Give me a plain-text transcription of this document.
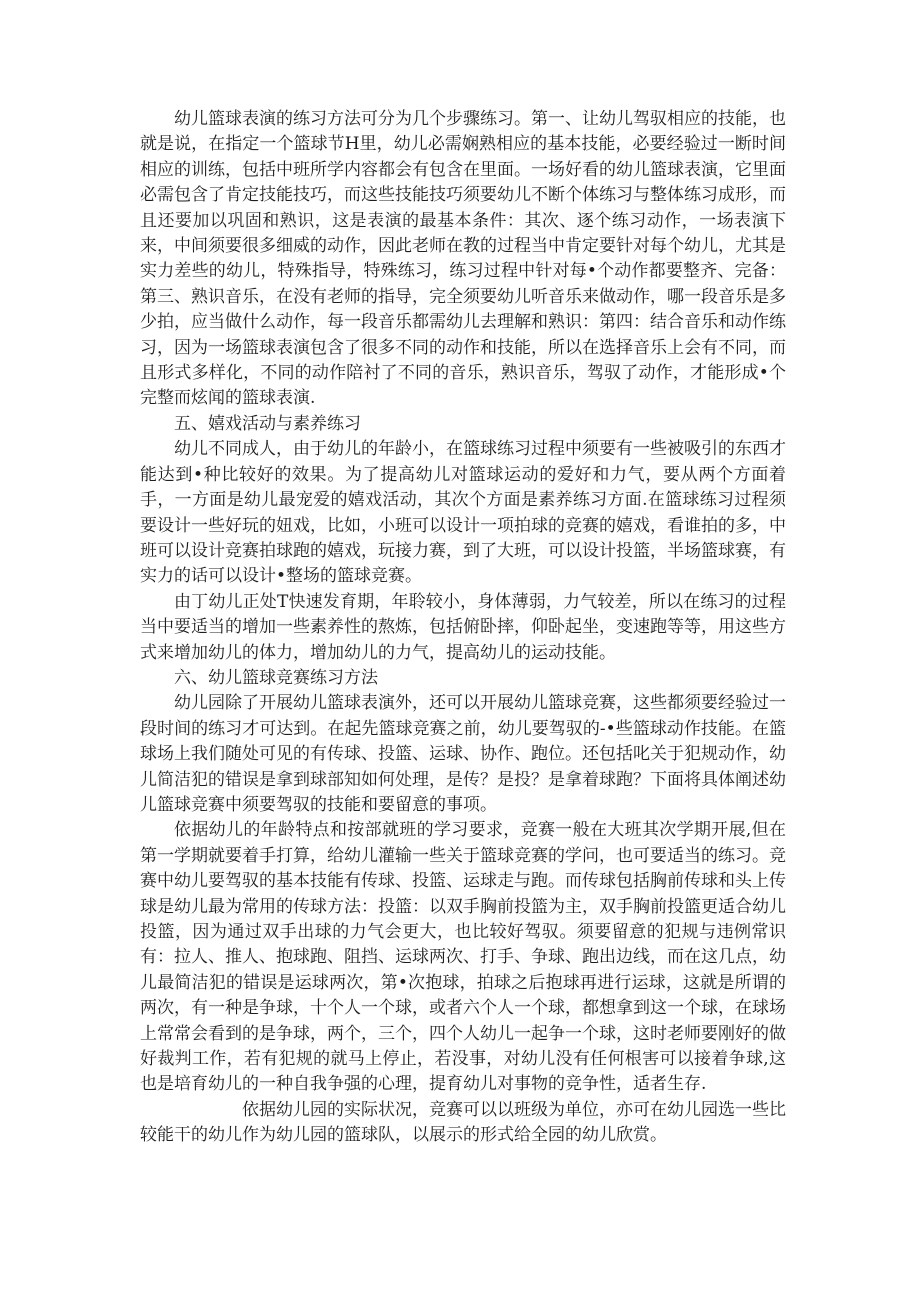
幼儿篮球表演的练习方法可分为几个步骤练习。第一、让幼儿驾驭相应的技能，也就是说，在指定一个篮球节H里，幼儿必需娴熟相应的基本技能，必要经验过一断时间相应的训练，包括中班所学内容都会有包含在里面。一场好看的幼儿篮球表演，它里面必需包含了肯定技能技巧，而这些技能技巧须要幼儿不断个体练习与整体练习成形，而且还要加以巩固和熟识，这是表演的最基本条件：其次、逐个练习动作，一场表演下来，中间须要很多细威的动作，因此老师在教的过程当中肯定要针对每个幼儿，尤其是实力差些的幼儿，特殊指导，特殊练习，练习过程中针对每•个动作都要整齐、完备：第三、熟识音乐，在没有老师的指导，完全须要幼儿听音乐来做动作，哪一段音乐是多少拍，应当做什么动作，每一段音乐都需幼儿去理解和熟识：第四：结合音乐和动作练习，因为一场篮球表演包含了很多不同的动作和技能，所以在选择音乐上会有不同，而且形式多样化，不同的动作陪衬了不同的音乐，熟识音乐，驾驭了动作，才能形成•个完整而炫闻的篮球表演.

五、嬉戏活动与素养练习

幼儿不同成人，由于幼儿的年龄小，在篮球练习过程中须要有一些被吸引的东西才能达到•种比较好的效果。为了提高幼儿对篮球运动的爱好和力气，要从两个方面着手，一方面是幼儿最宠爱的嬉戏活动，其次个方面是素养练习方面.在篮球练习过程须要设计一些好玩的妞戏，比如，小班可以设计一项拍球的竞赛的嬉戏，看谁拍的多，中班可以设计竞赛拍球跑的嬉戏，玩接力赛，到了大班，可以设计投篮，半场篮球赛，有实力的话可以设计•整场的篮球竞赛。

由丁幼儿正处T快速发育期，年聆较小，身体薄弱，力气较差，所以在练习的过程当中要适当的增加一些素养性的熬炼，包括俯卧摔，仰卧起坐，变速跑等等，用这些方式来增加幼儿的体力，增加幼儿的力气，提高幼儿的运动技能。

六、幼儿篮球竞赛练习方法

幼儿园除了开展幼儿篮球表演外，还可以开展幼儿篮球竞赛，这些都须要经验过一段时间的练习才可达到。在起先篮球竞赛之前，幼儿要驾驭的-•些篮球动作技能。在篮球场上我们随处可见的有传球、投篮、运球、协作、跑位。还包括叱关于犯规动作，幼儿简洁犯的错误是拿到球部知如何处理，是传？是投？是拿着球跑？下面将具体阐述幼儿篮球竞赛中须要驾驭的技能和要留意的事项。

依据幼儿的年龄特点和按部就班的学习要求，竞赛一般在大班其次学期开展,但在第一学期就要着手打算，给幼儿灌输一些关于篮球竞赛的学问，也可要适当的练习。竞赛中幼儿要驾驭的基本技能有传球、投篮、运球走与跑。而传球包括胸前传球和头上传球是幼儿最为常用的传球方法：投篮：以双手胸前投篮为主，双手胸前投篮更适合幼儿投篮，因为通过双手出球的力气会更大，也比较好驾驭。须要留意的犯规与违例常识有：拉人、推人、抱球跑、阻挡、运球两次、打手、争球、跑出边线，而在这几点，幼儿最简洁犯的错误是运球两次，第•次抱球，拍球之后抱球再进行运球，这就是所谓的两次，有一种是争球，十个人一个球，或者六个人一个球，都想拿到这一个球，在球场上常常会看到的是争球，两个，三个，四个人幼儿一起争一个球，这时老师要刚好的做好裁判工作，若有犯规的就马上停止，若没事，对幼儿没有任何根害可以接着争球,这也是培育幼儿的一种自我争强的心理，提育幼儿对事物的竞争性，适者生存.

依据幼儿园的实际状况，竞赛可以以班级为单位，亦可在幼儿园选一些比较能干的幼儿作为幼儿园的篮球队，以展示的形式给全园的幼儿欣赏。
